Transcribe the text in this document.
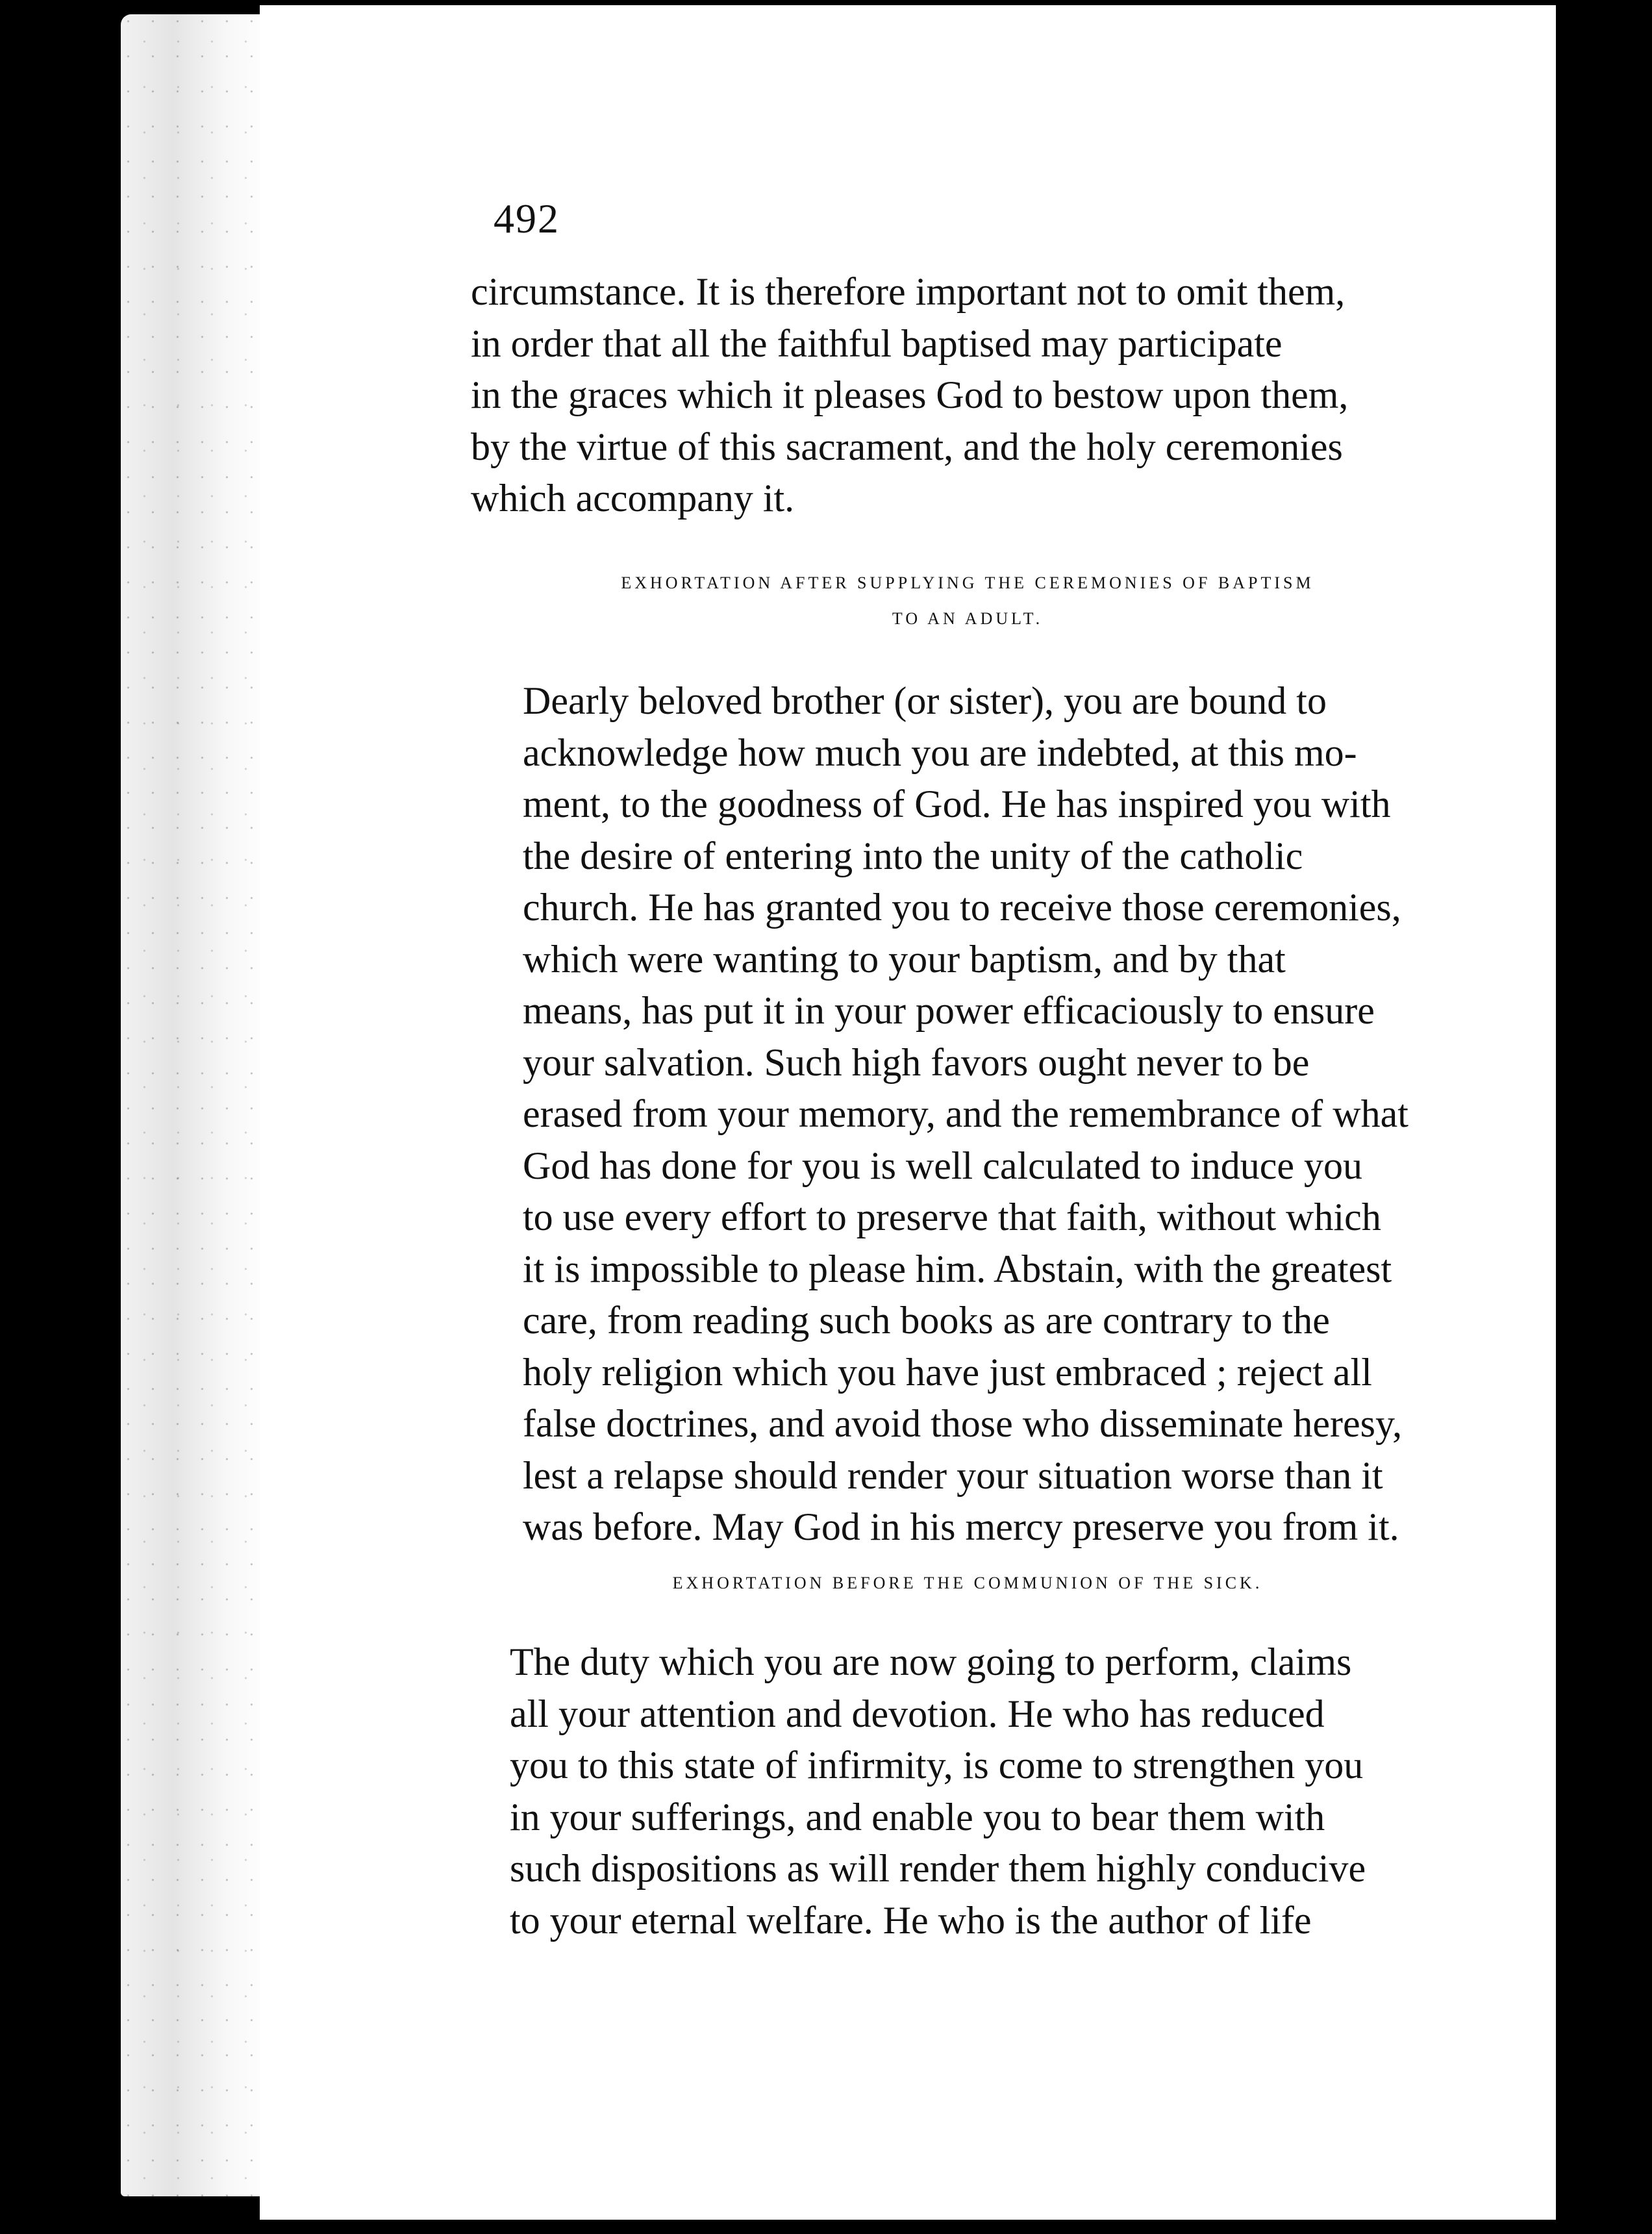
492

circumstance. It is therefore important not to omit them,
in order that all the faithful baptised may participate
in the graces which it pleases God to bestow upon them,
by the virtue of this sacrament, and the holy ceremonies
which accompany it.

EXHORTATION AFTER SUPPLYING THE CEREMONIES OF BAPTISM
TO AN ADULT.

Dearly beloved brother (or sister), you are bound to
acknowledge how much you are indebted, at this mo-
ment, to the goodness of God. He has inspired you with
the desire of entering into the unity of the catholic
church. He has granted you to receive those ceremonies,
which were wanting to your baptism, and by that
means, has put it in your power efficaciously to ensure
your salvation. Such high favors ought never to be
erased from your memory, and the remembrance of what
God has done for you is well calculated to induce you
to use every effort to preserve that faith, without which
it is impossible to please him. Abstain, with the greatest
care, from reading such books as are contrary to the
holy religion which you have just embraced ; reject all
false doctrines, and avoid those who disseminate heresy,
lest a relapse should render your situation worse than it
was before. May God in his mercy preserve you from it.

EXHORTATION BEFORE THE COMMUNION OF THE SICK.

The duty which you are now going to perform, claims
all your attention and devotion. He who has reduced
you to this state of infirmity, is come to strengthen you
in your sufferings, and enable you to bear them with
such dispositions as will render them highly conducive
to your eternal welfare. He who is the author of life
